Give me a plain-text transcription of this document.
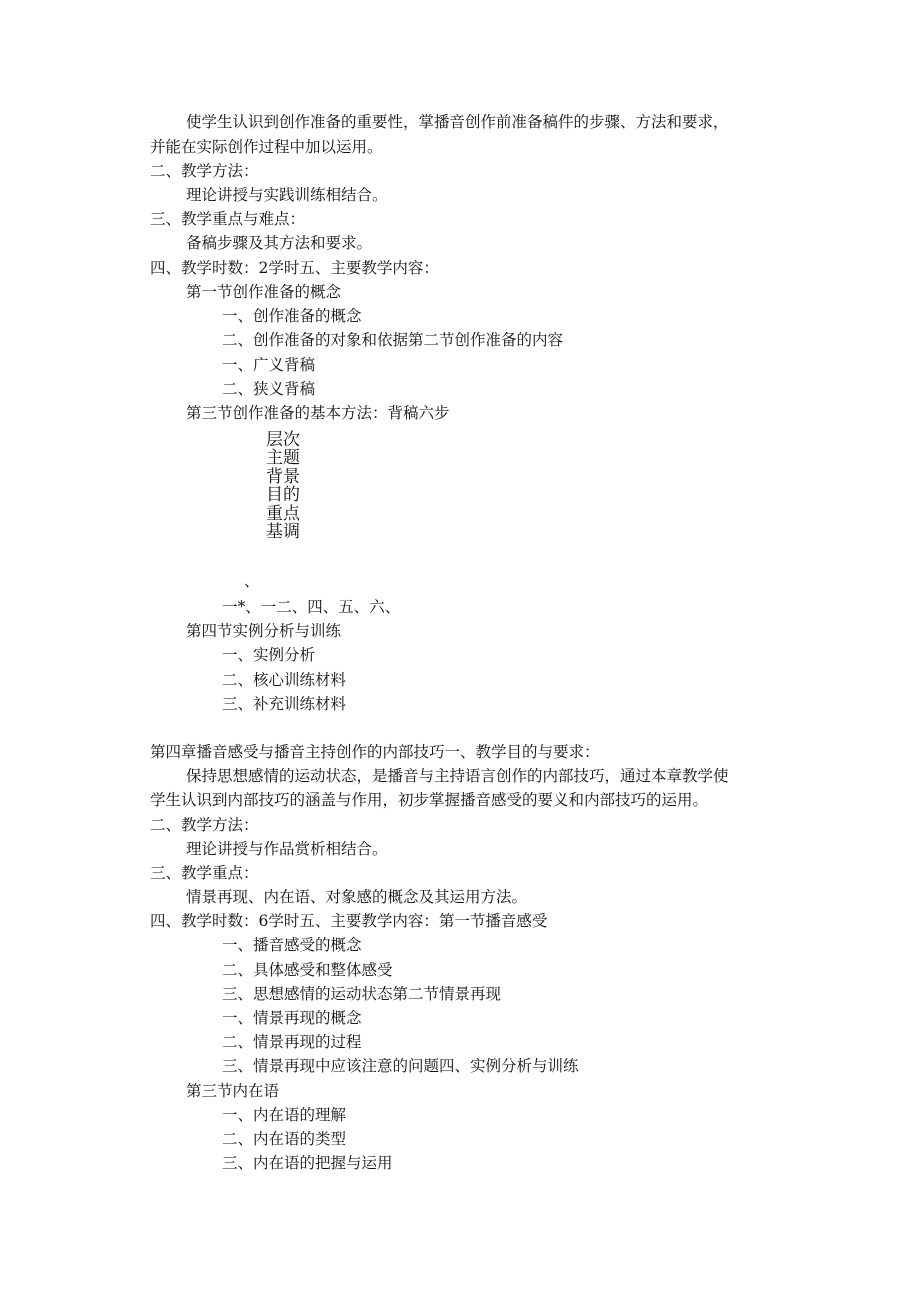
使学生认识到创作准备的重要性，掌播音创作前准备稿件的步骤、方法和要求，
并能在实际创作过程中加以运用。
二、教学方法：
理论讲授与实践训练相结合。
三、教学重点与难点：
备稿步骤及其方法和要求。
四、教学时数：2学时五、主要教学内容：
第一节创作准备的概念
一、创作准备的概念
二、创作准备的对象和依据第二节创作准备的内容
一、广义背稿
二、狭义背稿
第三节创作准备的基本方法：背稿六步
层次
主题
背景
目的
重点
基调
、
一*、一二、四、五、六、
第四节实例分析与训练
一、实例分析
二、核心训练材料
三、补充训练材料
第四章播音感受与播音主持创作的内部技巧一、教学目的与要求：
保持思想感情的运动状态，是播音与主持语言创作的内部技巧，通过本章教学使
学生认识到内部技巧的涵盖与作用，初步掌握播音感受的要义和内部技巧的运用。
二、教学方法：
理论讲授与作品赏析相结合。
三、教学重点：
情景再现、内在语、对象感的概念及其运用方法。
四、教学时数：6学时五、主要教学内容：第一节播音感受
一、播音感受的概念
二、具体感受和整体感受
三、思想感情的运动状态第二节情景再现
一、情景再现的概念
二、情景再现的过程
三、情景再现中应该注意的问题四、实例分析与训练
第三节内在语
一、内在语的理解
二、内在语的类型
三、内在语的把握与运用
